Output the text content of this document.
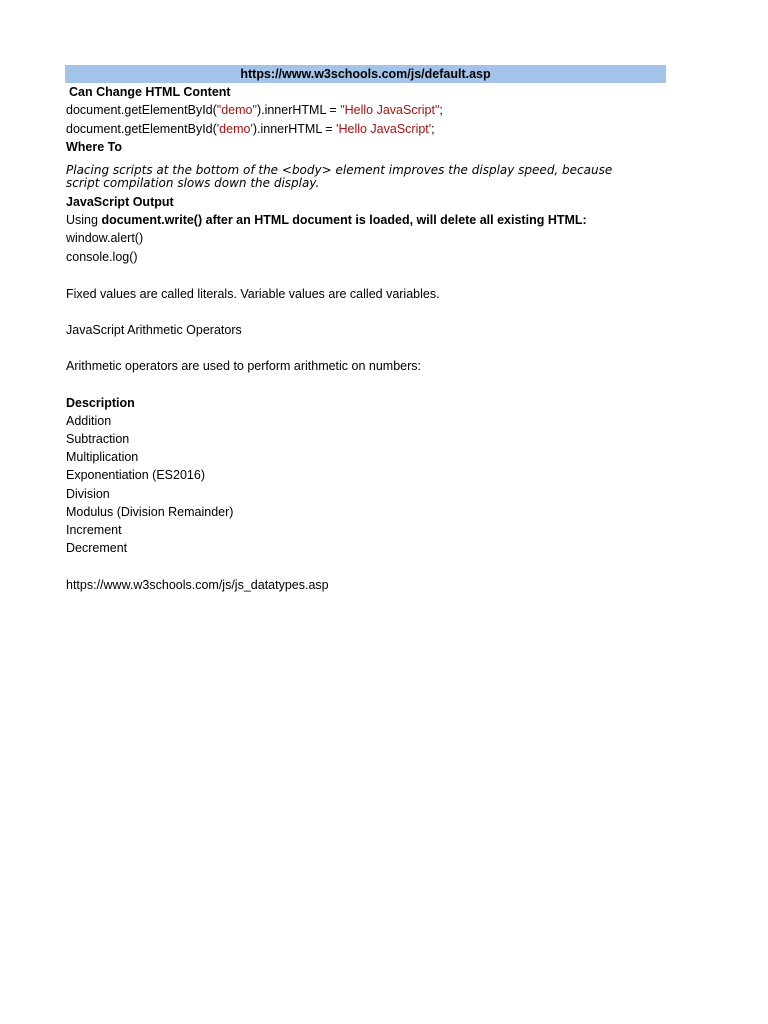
https://www.w3schools.com/js/default.asp
Can Change HTML Content
document.getElementById("demo").innerHTML = "Hello JavaScript";
document.getElementById('demo').innerHTML = 'Hello JavaScript';
Where To
Placing scripts at the bottom of the <body> element improves the display speed, because script compilation slows down the display.
JavaScript Output
Using document.write() after an HTML document is loaded, will delete all existing HTML:
window.alert()
console.log()
Fixed values are called literals. Variable values are called variables.
JavaScript Arithmetic Operators
Arithmetic operators are used to perform arithmetic on numbers:
Description
Addition
Subtraction
Multiplication
Exponentiation (ES2016)
Division
Modulus (Division Remainder)
Increment
Decrement
https://www.w3schools.com/js/js_datatypes.asp
